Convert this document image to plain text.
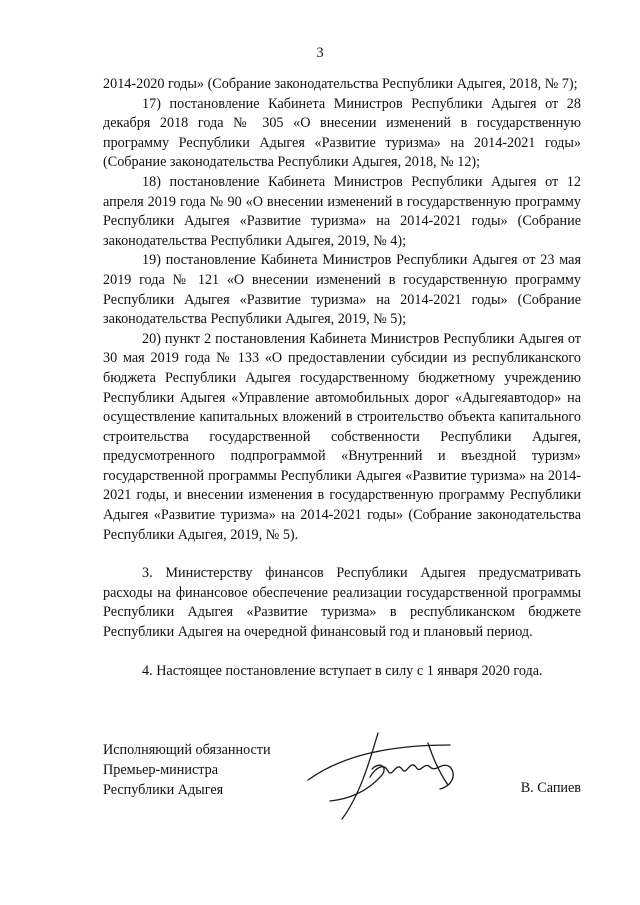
3

2014-2020 годы» (Собрание законодательства Республики Адыгея, 2018, № 7);

17) постановление Кабинета Министров Республики Адыгея от 28 декабря 2018 года № 305 «О внесении изменений в государственную программу Республики Адыгея «Развитие туризма» на 2014-2021 годы» (Собрание законодательства Республики Адыгея, 2018, № 12);

18) постановление Кабинета Министров Республики Адыгея от 12 апреля 2019 года № 90 «О внесении изменений в государственную программу Республики Адыгея «Развитие туризма» на 2014-2021 годы» (Собрание законодательства Республики Адыгея, 2019, № 4);

19) постановление Кабинета Министров Республики Адыгея от 23 мая 2019 года № 121 «О внесении изменений в государственную программу Республики Адыгея «Развитие туризма» на 2014-2021 годы» (Собрание законодательства Республики Адыгея, 2019, № 5);

20) пункт 2 постановления Кабинета Министров Республики Адыгея от 30 мая 2019 года № 133 «О предоставлении субсидии из республиканского бюджета Республики Адыгея государственному бюджетному учреждению Республики Адыгея «Управление автомобильных дорог «Адыгеяавтодор» на осуществление капитальных вложений в строительство объекта капитального строительства государственной собственности Республики Адыгея, предусмотренного подпрограммой «Внутренний и въездной туризм» государственной программы Республики Адыгея «Развитие туризма» на 2014-2021 годы, и внесении изменения в государственную программу Республики Адыгея «Развитие туризма» на 2014-2021 годы» (Собрание законодательства Республики Адыгея, 2019, № 5).

3. Министерству финансов Республики Адыгея предусматривать расходы на финансовое обеспечение реализации государственной программы Республики Адыгея «Развитие туризма» в республиканском бюджете Республики Адыгея на очередной финансовый год и плановый период.

4. Настоящее постановление вступает в силу с 1 января 2020 года.

Исполняющий обязанности
Премьер-министра
Республики Адыгея	В. Сапиев
